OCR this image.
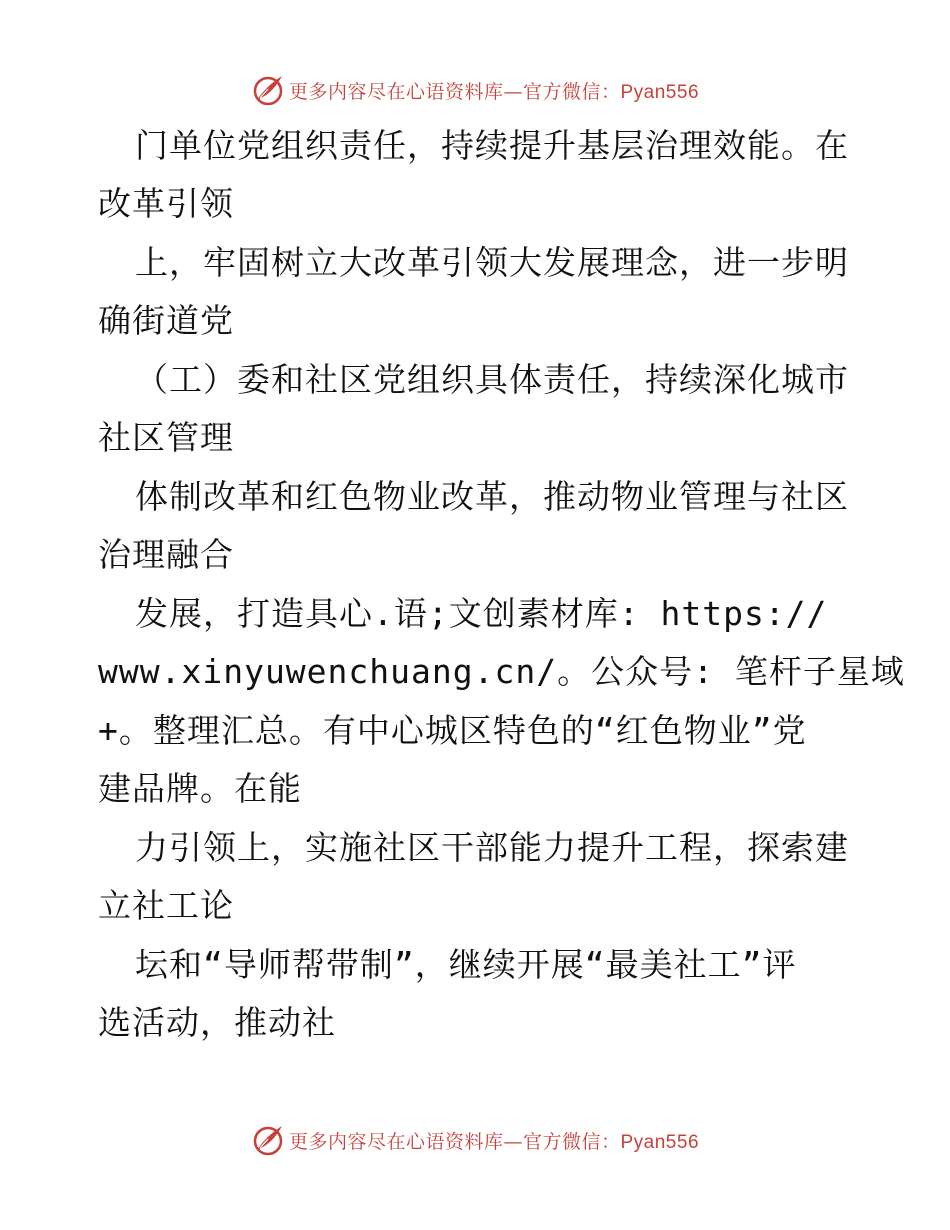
更多内容尽在心语资料库—官方微信：Pyan556
门单位党组织责任，持续提升基层治理效能。在
改革引领
上，牢固树立大改革引领大发展理念，进一步明
确街道党
（工）委和社区党组织具体责任，持续深化城市
社区管理
体制改革和红色物业改革，推动物业管理与社区
治理融合
发展，打造具心.语;文创素材库: https://
www.xinyuwenchuang.cn/。公众号: 笔杆子星域
+。整理汇总。有中心城区特色的“红色物业”党
建品牌。在能
力引领上，实施社区干部能力提升工程，探索建
立社工论
坛和“导师帮带制”，继续开展“最美社工”评
选活动，推动社
更多内容尽在心语资料库—官方微信：Pyan556
